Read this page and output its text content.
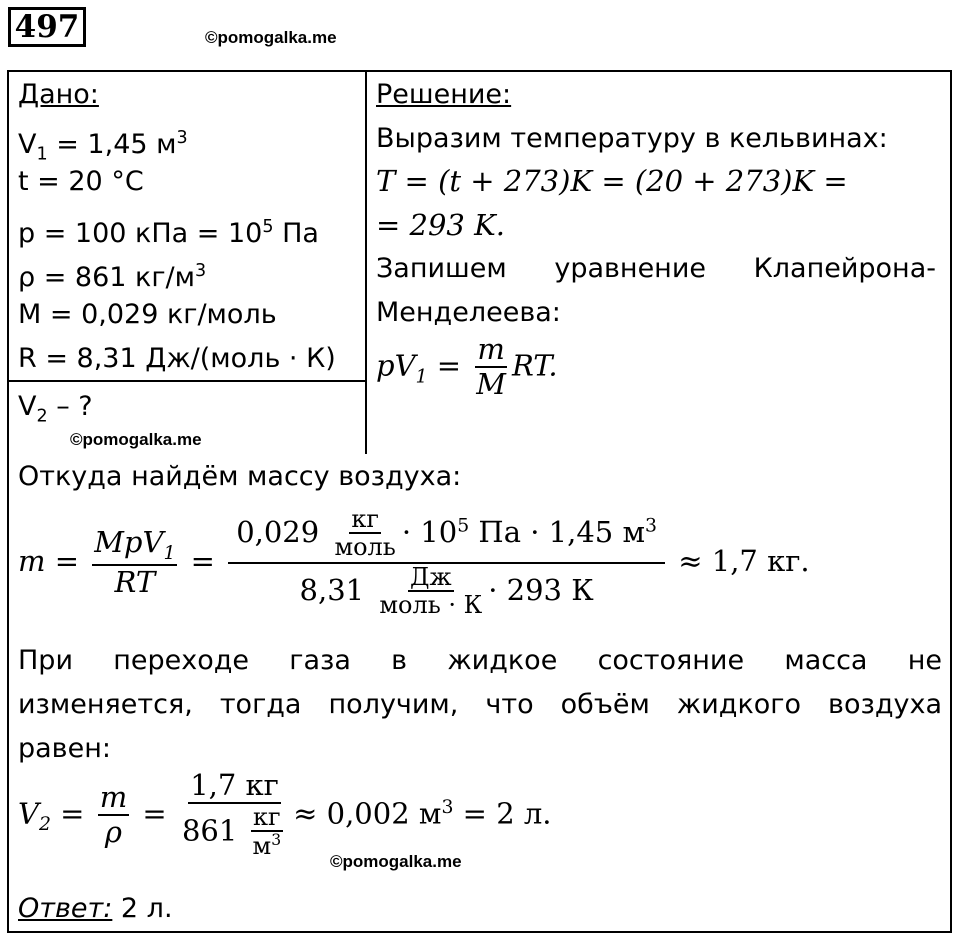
497	©pomogalka.me
Дано:
$V_1 = 1,45$ $м^3$
t = 20 °C
p = 100 кПа = $10^5$ Па
ρ = 861 $кг/м^3$
M = 0,029 кг/моль
R = 8,31 Дж/(моль · К)
$V_2$ – ?
©pomogalka.me
Решение:
Выразим температуру в кельвинах:
T = (t + 273)K = (20 + 273)K =
= 293 K.
Запишем уравнение Клапейрона-
Менделеева:
$pV_1 = \frac{m}{M}$ RT.
Откуда найдём массу воздуха:
$m = \frac{MpV_1}{RT} = \frac{0,029 \frac{кг}{\text{моль}} \cdot 10^5 Па \cdot 1,45 м^3}{8,31 \frac{Дж}{\text{моль · К}} \cdot 293 К} \approx 1,7$ кг.
При переходе газа в жидкое состояние масса не
изменяется, тогда получим, что объём жидкого воздуха
равен:
$V_2 = \frac{m}{\rho} = \frac{1,7 кг}{861 \frac{кг}{м^3}} \approx 0,002$ $м^3 = 2$ л.
©pomogalka.me
Ответ: 2 л.
